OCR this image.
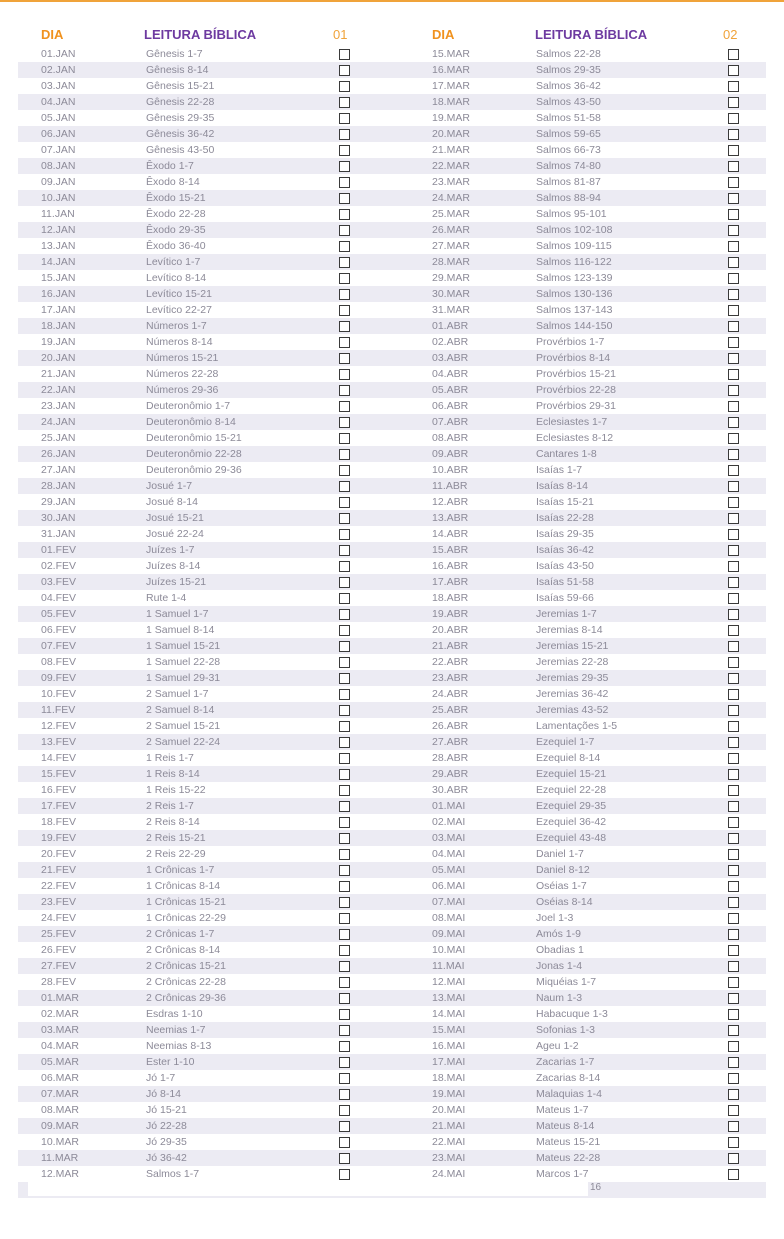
DIA	LEITURA BÍBLICA	01
01.JAN	Gênesis 1-7
02.JAN	Gênesis 8-14
03.JAN	Gênesis 15-21
04.JAN	Gênesis 22-28
05.JAN	Gênesis 29-35
06.JAN	Gênesis 36-42
07.JAN	Gênesis 43-50
08.JAN	Êxodo 1-7
09.JAN	Êxodo 8-14
10.JAN	Êxodo 15-21
11.JAN	Êxodo 22-28
12.JAN	Êxodo 29-35
13.JAN	Êxodo 36-40
14.JAN	Levítico 1-7
15.JAN	Levítico 8-14
16.JAN	Levítico 15-21
17.JAN	Levítico 22-27
18.JAN	Números 1-7
19.JAN	Números 8-14
20.JAN	Números 15-21
21.JAN	Números 22-28
22.JAN	Números 29-36
23.JAN	Deuteronômio 1-7
24.JAN	Deuteronômio 8-14
25.JAN	Deuteronômio 15-21
26.JAN	Deuteronômio 22-28
27.JAN	Deuteronômio 29-36
28.JAN	Josué 1-7
29.JAN	Josué 8-14
30.JAN	Josué 15-21
31.JAN	Josué 22-24
01.FEV	Juízes 1-7
02.FEV	Juízes 8-14
03.FEV	Juízes 15-21
04.FEV	Rute 1-4
05.FEV	1 Samuel 1-7
06.FEV	1 Samuel 8-14
07.FEV	1 Samuel 15-21
08.FEV	1 Samuel 22-28
09.FEV	1 Samuel 29-31
10.FEV	2 Samuel 1-7
11.FEV	2 Samuel 8-14
12.FEV	2 Samuel 15-21
13.FEV	2 Samuel 22-24
14.FEV	1 Reis 1-7
15.FEV	1 Reis 8-14
16.FEV	1 Reis 15-22
17.FEV	2 Reis 1-7
18.FEV	2 Reis 8-14
19.FEV	2 Reis 15-21
20.FEV	2 Reis 22-29
21.FEV	1 Crônicas 1-7
22.FEV	1 Crônicas 8-14
23.FEV	1 Crônicas 15-21
24.FEV	1 Crônicas 22-29
25.FEV	2 Crônicas 1-7
26.FEV	2 Crônicas 8-14
27.FEV	2 Crônicas 15-21
28.FEV	2 Crônicas 22-28
01.MAR	2 Crônicas 29-36
02.MAR	Esdras 1-10
03.MAR	Neemias 1-7
04.MAR	Neemias 8-13
05.MAR	Ester 1-10
06.MAR	Jó 1-7
07.MAR	Jó 8-14
08.MAR	Jó 15-21
09.MAR	Jó 22-28
10.MAR	Jó 29-35
11.MAR	Jó 36-42
12.MAR	Salmos 1-7
DIA	LEITURA BÍBLICA	02
15.MAR	Salmos 22-28
16.MAR	Salmos 29-35
17.MAR	Salmos 36-42
18.MAR	Salmos 43-50
19.MAR	Salmos 51-58
20.MAR	Salmos 59-65
21.MAR	Salmos 66-73
22.MAR	Salmos 74-80
23.MAR	Salmos 81-87
24.MAR	Salmos 88-94
25.MAR	Salmos 95-101
26.MAR	Salmos 102-108
27.MAR	Salmos 109-115
28.MAR	Salmos 116-122
29.MAR	Salmos 123-139
30.MAR	Salmos 130-136
31.MAR	Salmos 137-143
01.ABR	Salmos 144-150
02.ABR	Provérbios 1-7
03.ABR	Provérbios 8-14
04.ABR	Provérbios 15-21
05.ABR	Provérbios 22-28
06.ABR	Provérbios 29-31
07.ABR	Eclesiastes 1-7
08.ABR	Eclesiastes 8-12
09.ABR	Cantares 1-8
10.ABR	Isaías 1-7
11.ABR	Isaías 8-14
12.ABR	Isaías 15-21
13.ABR	Isaías 22-28
14.ABR	Isaías 29-35
15.ABR	Isaías 36-42
16.ABR	Isaías 43-50
17.ABR	Isaías 51-58
18.ABR	Isaías 59-66
19.ABR	Jeremias 1-7
20.ABR	Jeremias 8-14
21.ABR	Jeremias 15-21
22.ABR	Jeremias 22-28
23.ABR	Jeremias 29-35
24.ABR	Jeremias 36-42
25.ABR	Jeremias 43-52
26.ABR	Lamentações 1-5
27.ABR	Ezequiel 1-7
28.ABR	Ezequiel 8-14
29.ABR	Ezequiel 15-21
30.ABR	Ezequiel 22-28
01.MAI	Ezequiel 29-35
02.MAI	Ezequiel 36-42
03.MAI	Ezequiel 43-48
04.MAI	Daniel 1-7
05.MAI	Daniel 8-12
06.MAI	Oséias 1-7
07.MAI	Oséias 8-14
08.MAI	Joel 1-3
09.MAI	Amós 1-9
10.MAI	Obadias 1
11.MAI	Jonas 1-4
12.MAI	Miquéias 1-7
13.MAI	Naum 1-3
14.MAI	Habacuque 1-3
15.MAI	Sofonias 1-3
16.MAI	Ageu 1-2
17.MAI	Zacarias 1-7
18.MAI	Zacarias 8-14
19.MAI	Malaquias 1-4
20.MAI	Mateus 1-7
21.MAI	Mateus 8-14
22.MAI	Mateus 15-21
23.MAI	Mateus 22-28
24.MAI	Marcos 1-7
16
